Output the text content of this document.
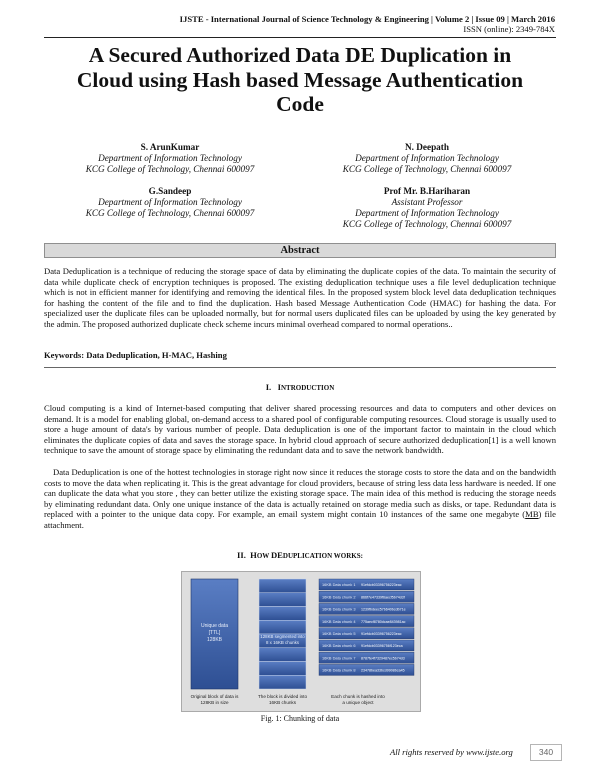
IJSTE - International Journal of Science Technology & Engineering | Volume 2 | Issue 09 | March 2016
ISSN (online): 2349-784X
A Secured Authorized Data DE Duplication in
Cloud using Hash based Message Authentication
Code
S. ArunKumar
Department of Information Technology
KCG College of Technology, Chennai 600097
N. Deepath
Department of Information Technology
KCG College of Technology, Chennai 600097
G.Sandeep
Department of Information Technology
KCG College of Technology, Chennai 600097
Prof Mr. B.Hariharan
Assistant Professor
Department of Information Technology
KCG College of Technology, Chennai 600097
Abstract
Data Deduplication is a technique of reducing the storage space of data by eliminating the duplicate copies of the data. To maintain the security of data while duplicate check of encryption techniques is proposed. The existing deduplication technique uses a file level deduplication technique which is not in efficient manner for identifying and removing the identical files. In the proposed system block level data deduplication techniques for hashing the content of the file and to find the duplication. Hash based Message Authentication Code (HMAC) for hashing the data. For specialized user the duplicate files can be uploaded normally, but for normal users duplicated files can be uploaded by using the key generated by the admin. The proposed authorized duplicate check scheme incurs minimal overhead compared to normal operations..
Keywords: Data Deduplication, H-MAC, Hashing
I. INTRODUCTION
Cloud computing is a kind of Internet-based computing that deliver shared processing resources and data to computers and other devices on demand. It is a model for enabling global, on-demand access to a shared pool of configurable computing resources. Cloud storage is usually used to store a huge amount of data's by various number of people. Data deduplication is one of the important factor to maintain in the cloud which eliminates the duplicate copies of data and saves the storage space. In hybrid cloud approach of secure authorized deduplication[1] is a well known technique to save the amount of storage space by eliminating the redundant data and to save the network bandwidth.
Data Deduplication is one of the hottest technologies in storage right now since it reduces the storage costs to store the data and on the bandwidth costs to move the data when replicating it. This is the great advantage for cloud providers, because of string less data less hardware is needed. If one can duplicate the data what you store , they can better utilize the existing storage space. The main idea of this method is reducing the storage needs by eliminating redundant data. Only one unique instance of the data is actually retained on storage media such as disks, or tape. Redundant data is replaced with a pointer to the unique data copy. For example, an email system might contain 10 instances of the same one megabyte (MB) file attachment.
II. HOW DEDUPLICATION WORKS:
Unique data
[TTL]
128KB
128KB segmented into
8 x 16KB chunks
16KB Data chunk 1 91efdcb03396756223eac
16KB Data chunk 2 866f7e47339f6aecf5b74d3f
16KB Data chunk 3 1239fbdeec57b640bcdb71e
16KB Data chunk 4 775aecf8780dcae843981ac
16KB Data chunk 5 91efdcb03396756223eac
16KB Data chunk 6 91efdcb03396756f123eca
16KB Data chunk 7 8787fe4f7329487ec5b74d3
16KB Data chunk 8 23478bea33bcd9908bca45
Original block of data is
128KB in size
The block is divided into
16KB chunks
Each chunk is hashed into
a unique object
Fig. 1: Chunking of data
All rights reserved by www.ijste.org	340
